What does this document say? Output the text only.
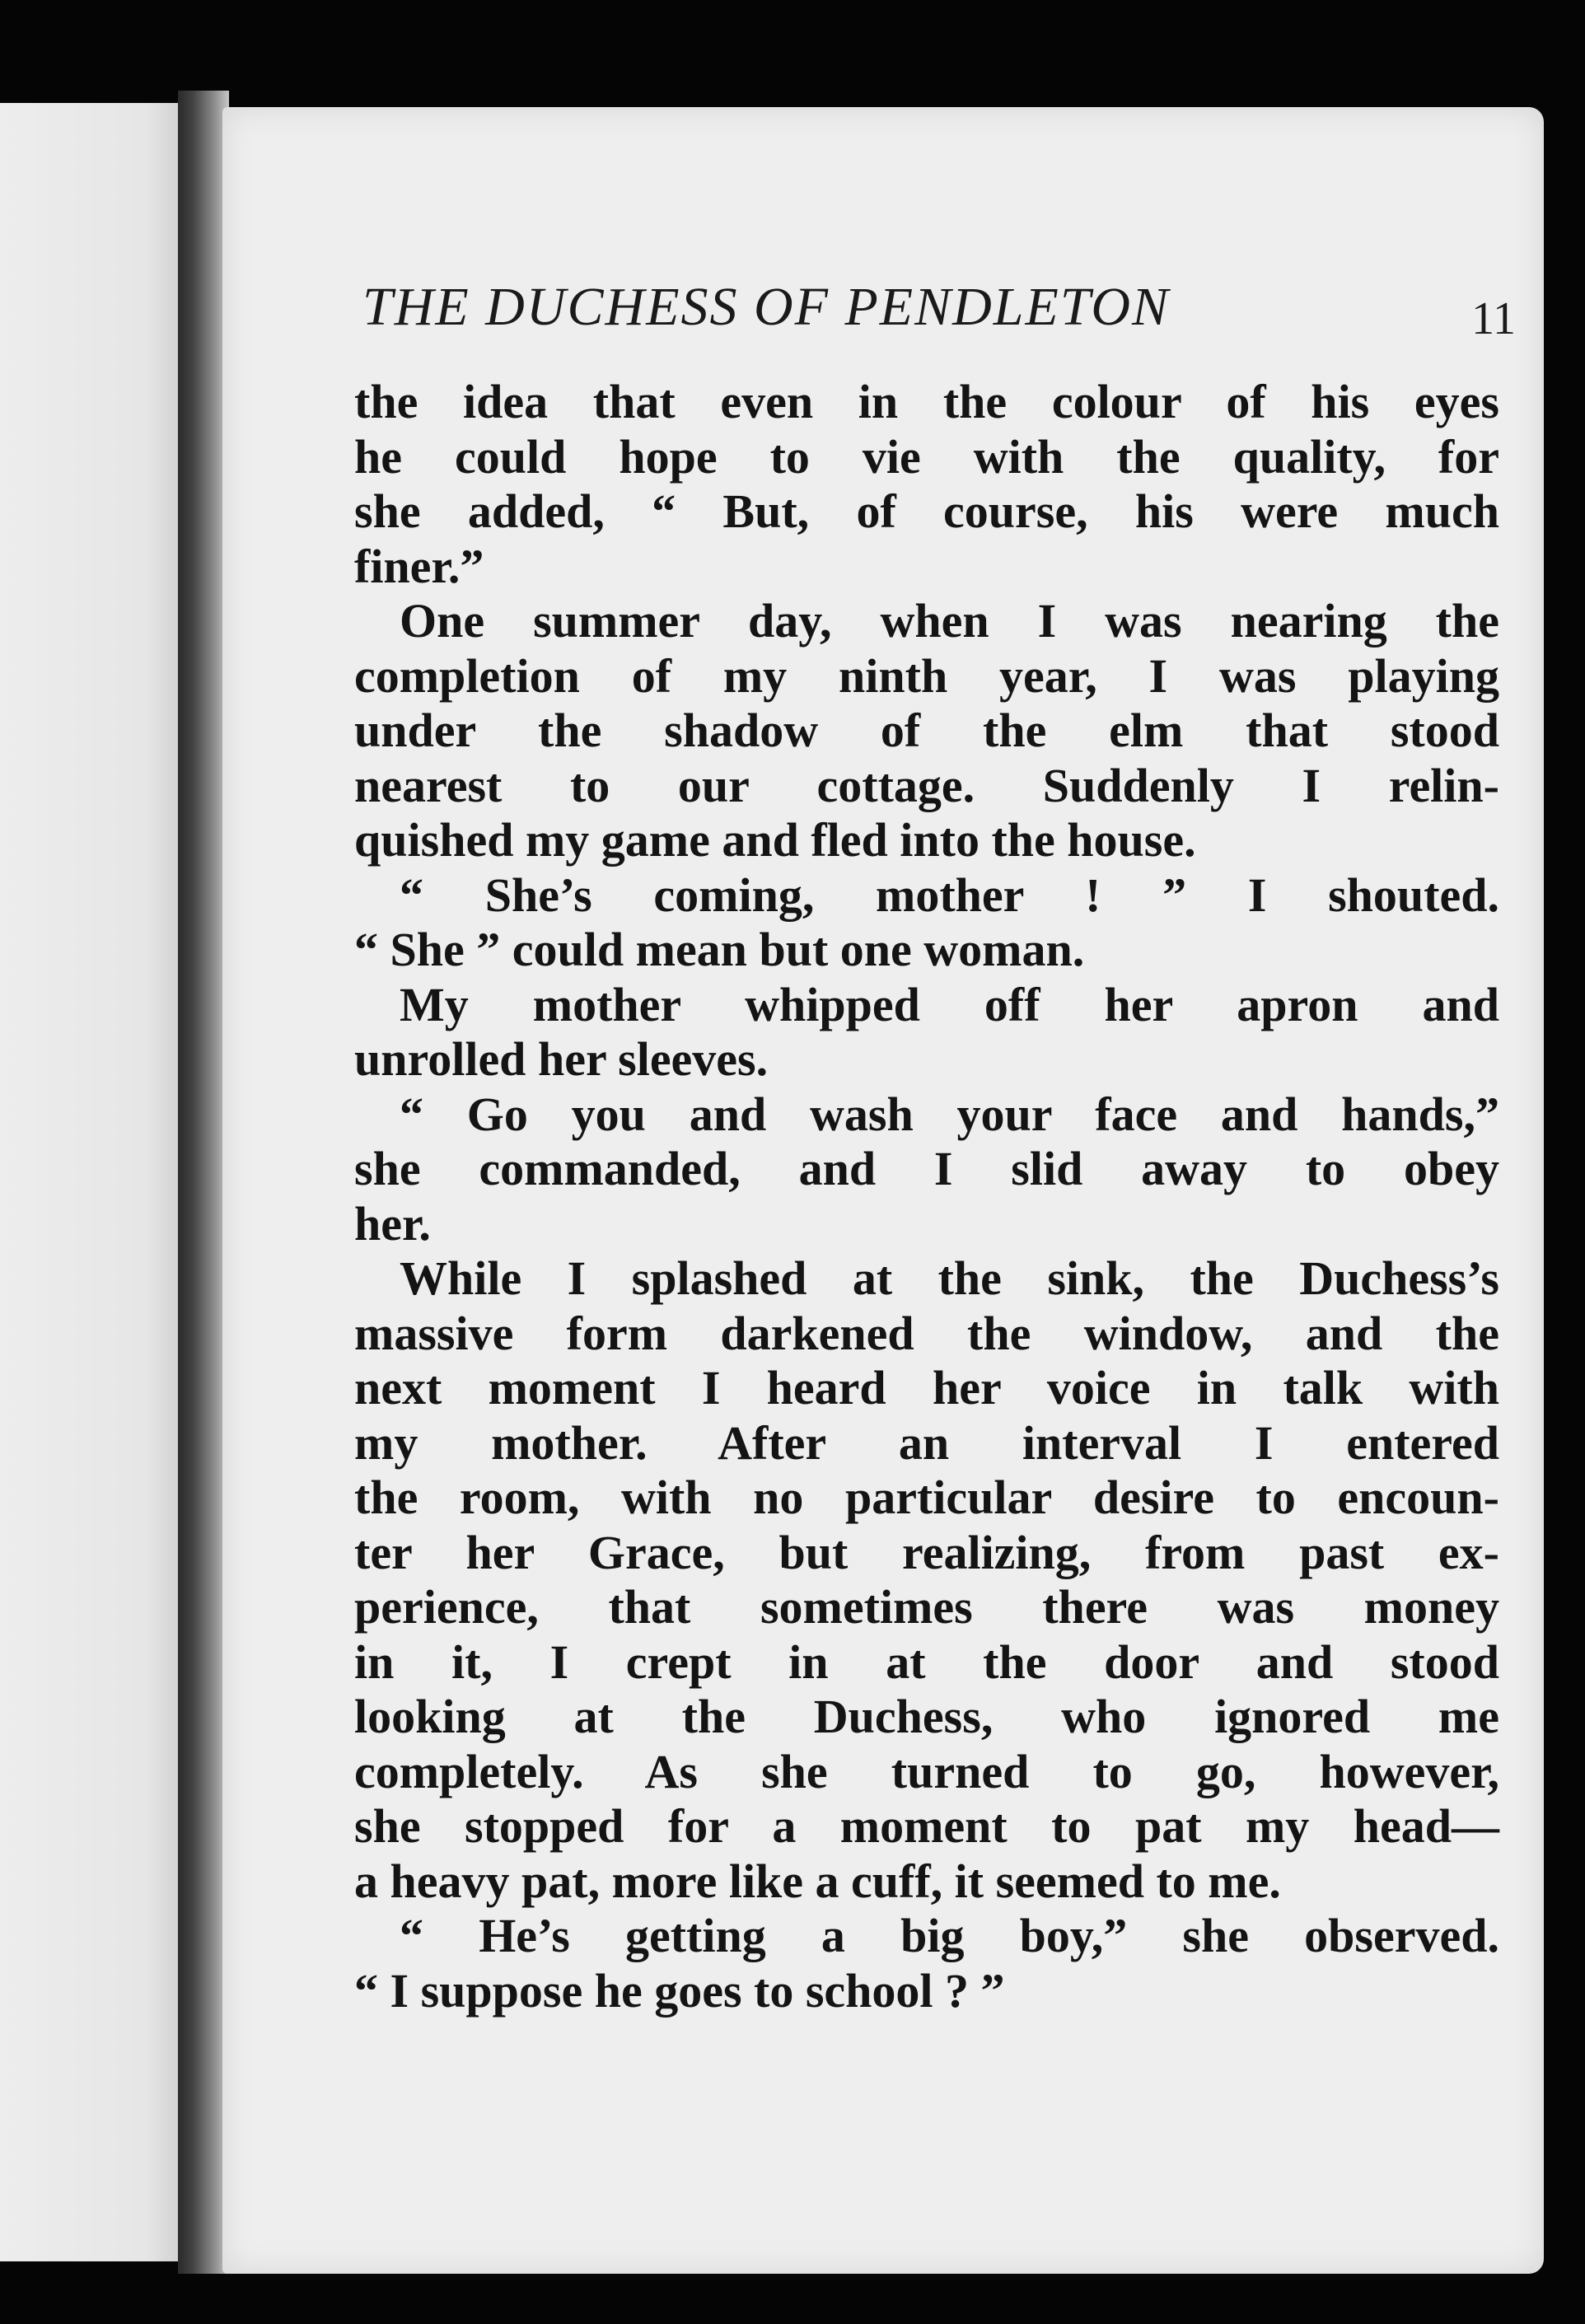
THE DUCHESS OF PENDLETON	11
the idea that even in the colour of his eyes
he could hope to vie with the quality, for
she added, “ But, of course, his were much
finer.”
One summer day, when I was nearing the
completion of my ninth year, I was playing
under the shadow of the elm that stood
nearest to our cottage. Suddenly I relin-
quished my game and fled into the house.
“ She’s coming, mother ! ” I shouted.
“ She ” could mean but one woman.
My mother whipped off her apron and
unrolled her sleeves.
“ Go you and wash your face and hands,”
she commanded, and I slid away to obey
her.
While I splashed at the sink, the Duchess’s
massive form darkened the window, and the
next moment I heard her voice in talk with
my mother. After an interval I entered
the room, with no particular desire to encoun-
ter her Grace, but realizing, from past ex-
perience, that sometimes there was money
in it, I crept in at the door and stood
looking at the Duchess, who ignored me
completely. As she turned to go, however,
she stopped for a moment to pat my head—
a heavy pat, more like a cuff, it seemed to me.
“ He’s getting a big boy,” she observed.
“ I suppose he goes to school ? ”
